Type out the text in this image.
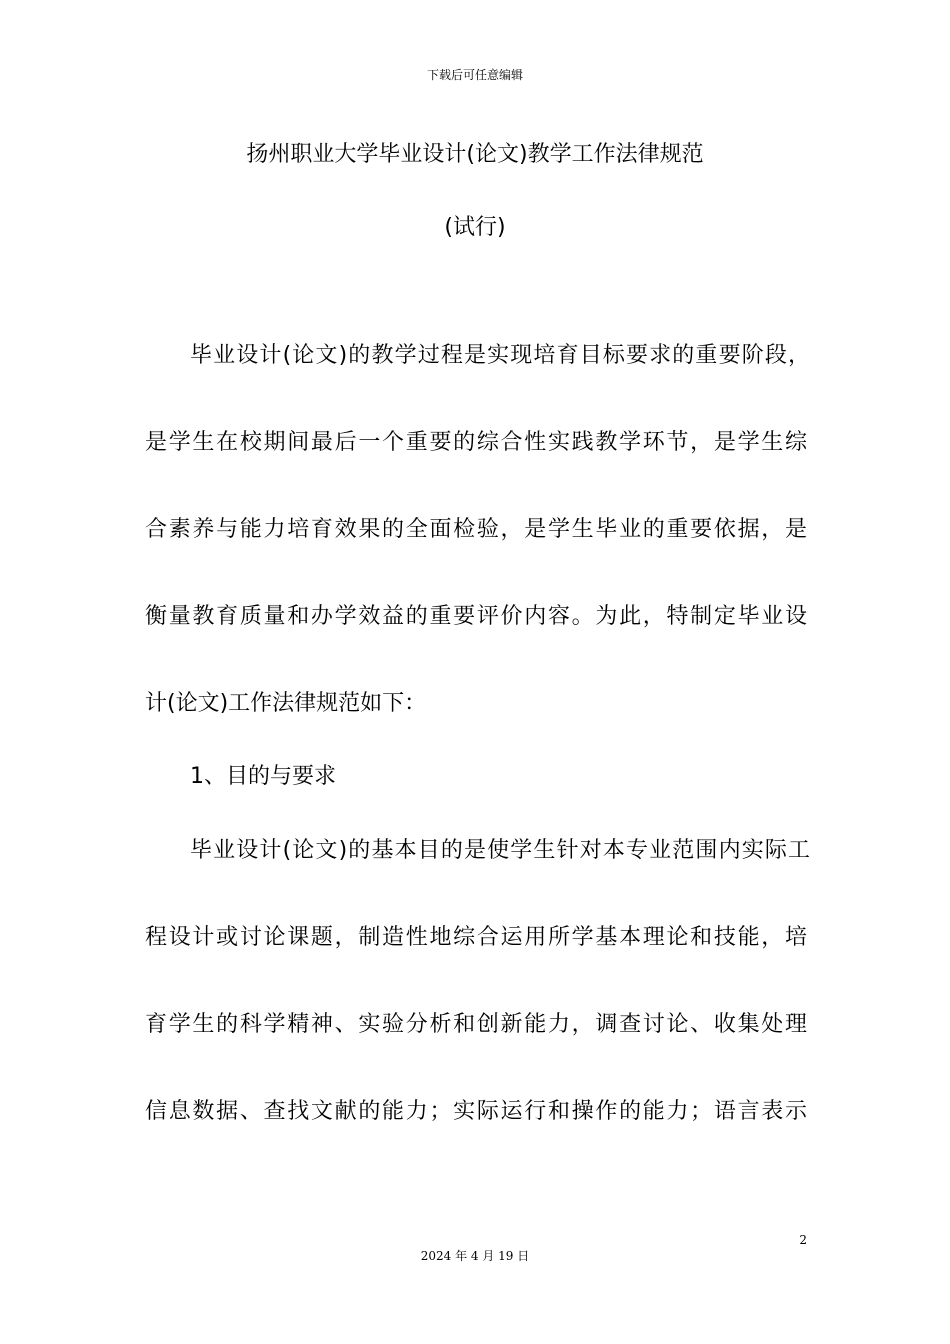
下载后可任意编辑
扬州职业大学毕业设计(论文)教学工作法律规范
(试行)
毕业设计(论文)的教学过程是实现培育目标要求的重要阶段，
是学生在校期间最后一个重要的综合性实践教学环节，是学生综
合素养与能力培育效果的全面检验，是学生毕业的重要依据，是
衡量教育质量和办学效益的重要评价内容。为此，特制定毕业设
计(论文)工作法律规范如下：
1、目的与要求
毕业设计(论文)的基本目的是使学生针对本专业范围内实际工
程设计或讨论课题，制造性地综合运用所学基本理论和技能，培
育学生的科学精神、实验分析和创新能力，调查讨论、收集处理
信息数据、查找文献的能力；实际运行和操作的能力；语言表示
2
2024 年 4 月 19 日
